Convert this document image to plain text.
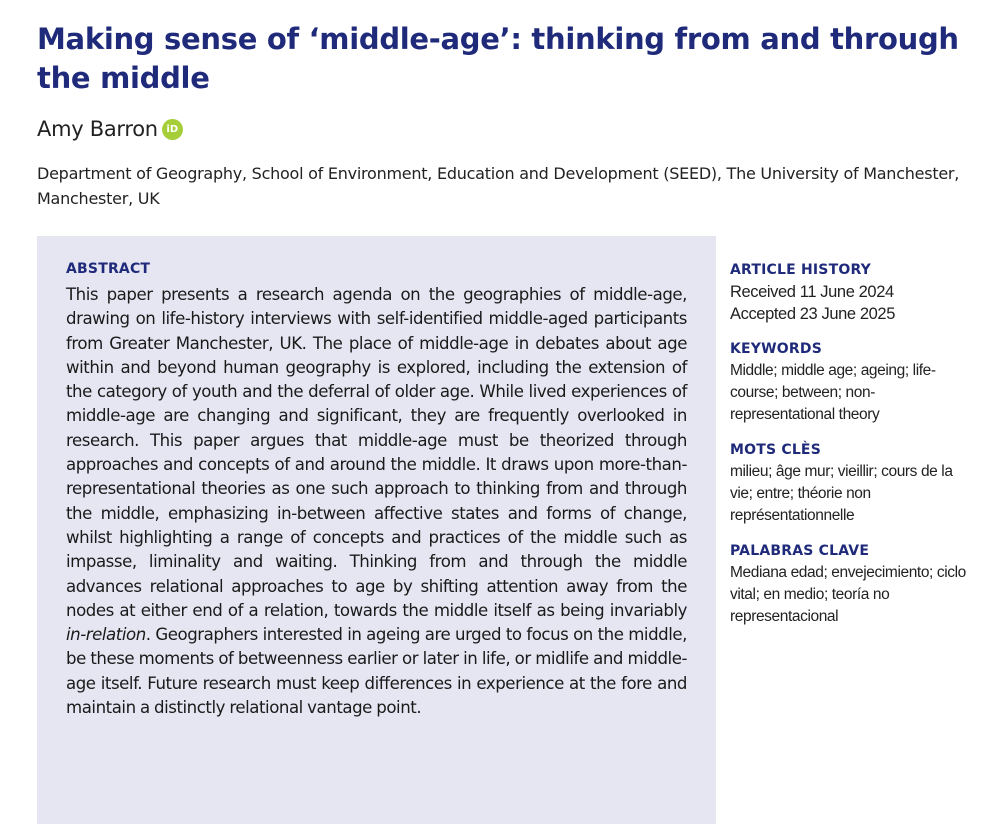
Making sense of ‘middle-age’: thinking from and through the middle
Amy Barron iD
Department of Geography, School of Environment, Education and Development (SEED), The University of Manchester, Manchester, UK
ABSTRACT

This paper presents a research agenda on the geographies of middle-age, drawing on life-history interviews with self-identified middle-aged participants from Greater Manchester, UK. The place of middle-age in debates about age within and beyond human geography is explored, including the extension of the category of youth and the deferral of older age. While lived experiences of middle-age are changing and significant, they are frequently overlooked in research. This paper argues that middle-age must be theorized through approaches and concepts of and around the middle. It draws upon more-than-representational theories as one such approach to thinking from and through the middle, emphasizing in-between affective states and forms of change, whilst highlighting a range of concepts and practices of the middle such as impasse, liminality and waiting. Thinking from and through the middle advances relational approaches to age by shifting attention away from the nodes at either end of a relation, towards the middle itself as being invariably in-relation. Geographers interested in ageing are urged to focus on the middle, be these moments of betweenness earlier or later in life, or midlife and middle-age itself. Future research must keep differences in experience at the fore and maintain a distinctly relational vantage point.

ARTICLE HISTORY
Received 11 June 2024
Accepted 23 June 2025
KEYWORDS
Middle; middle age; ageing; life-course; between; non-representational theory
MOTS CLÈS
milieu; âge mur; vieillir; cours de la vie; entre; théorie non représentationnelle
PALABRAS CLAVE
Mediana edad; envejecimiento; ciclo vital; en medio; teoría no representacional
